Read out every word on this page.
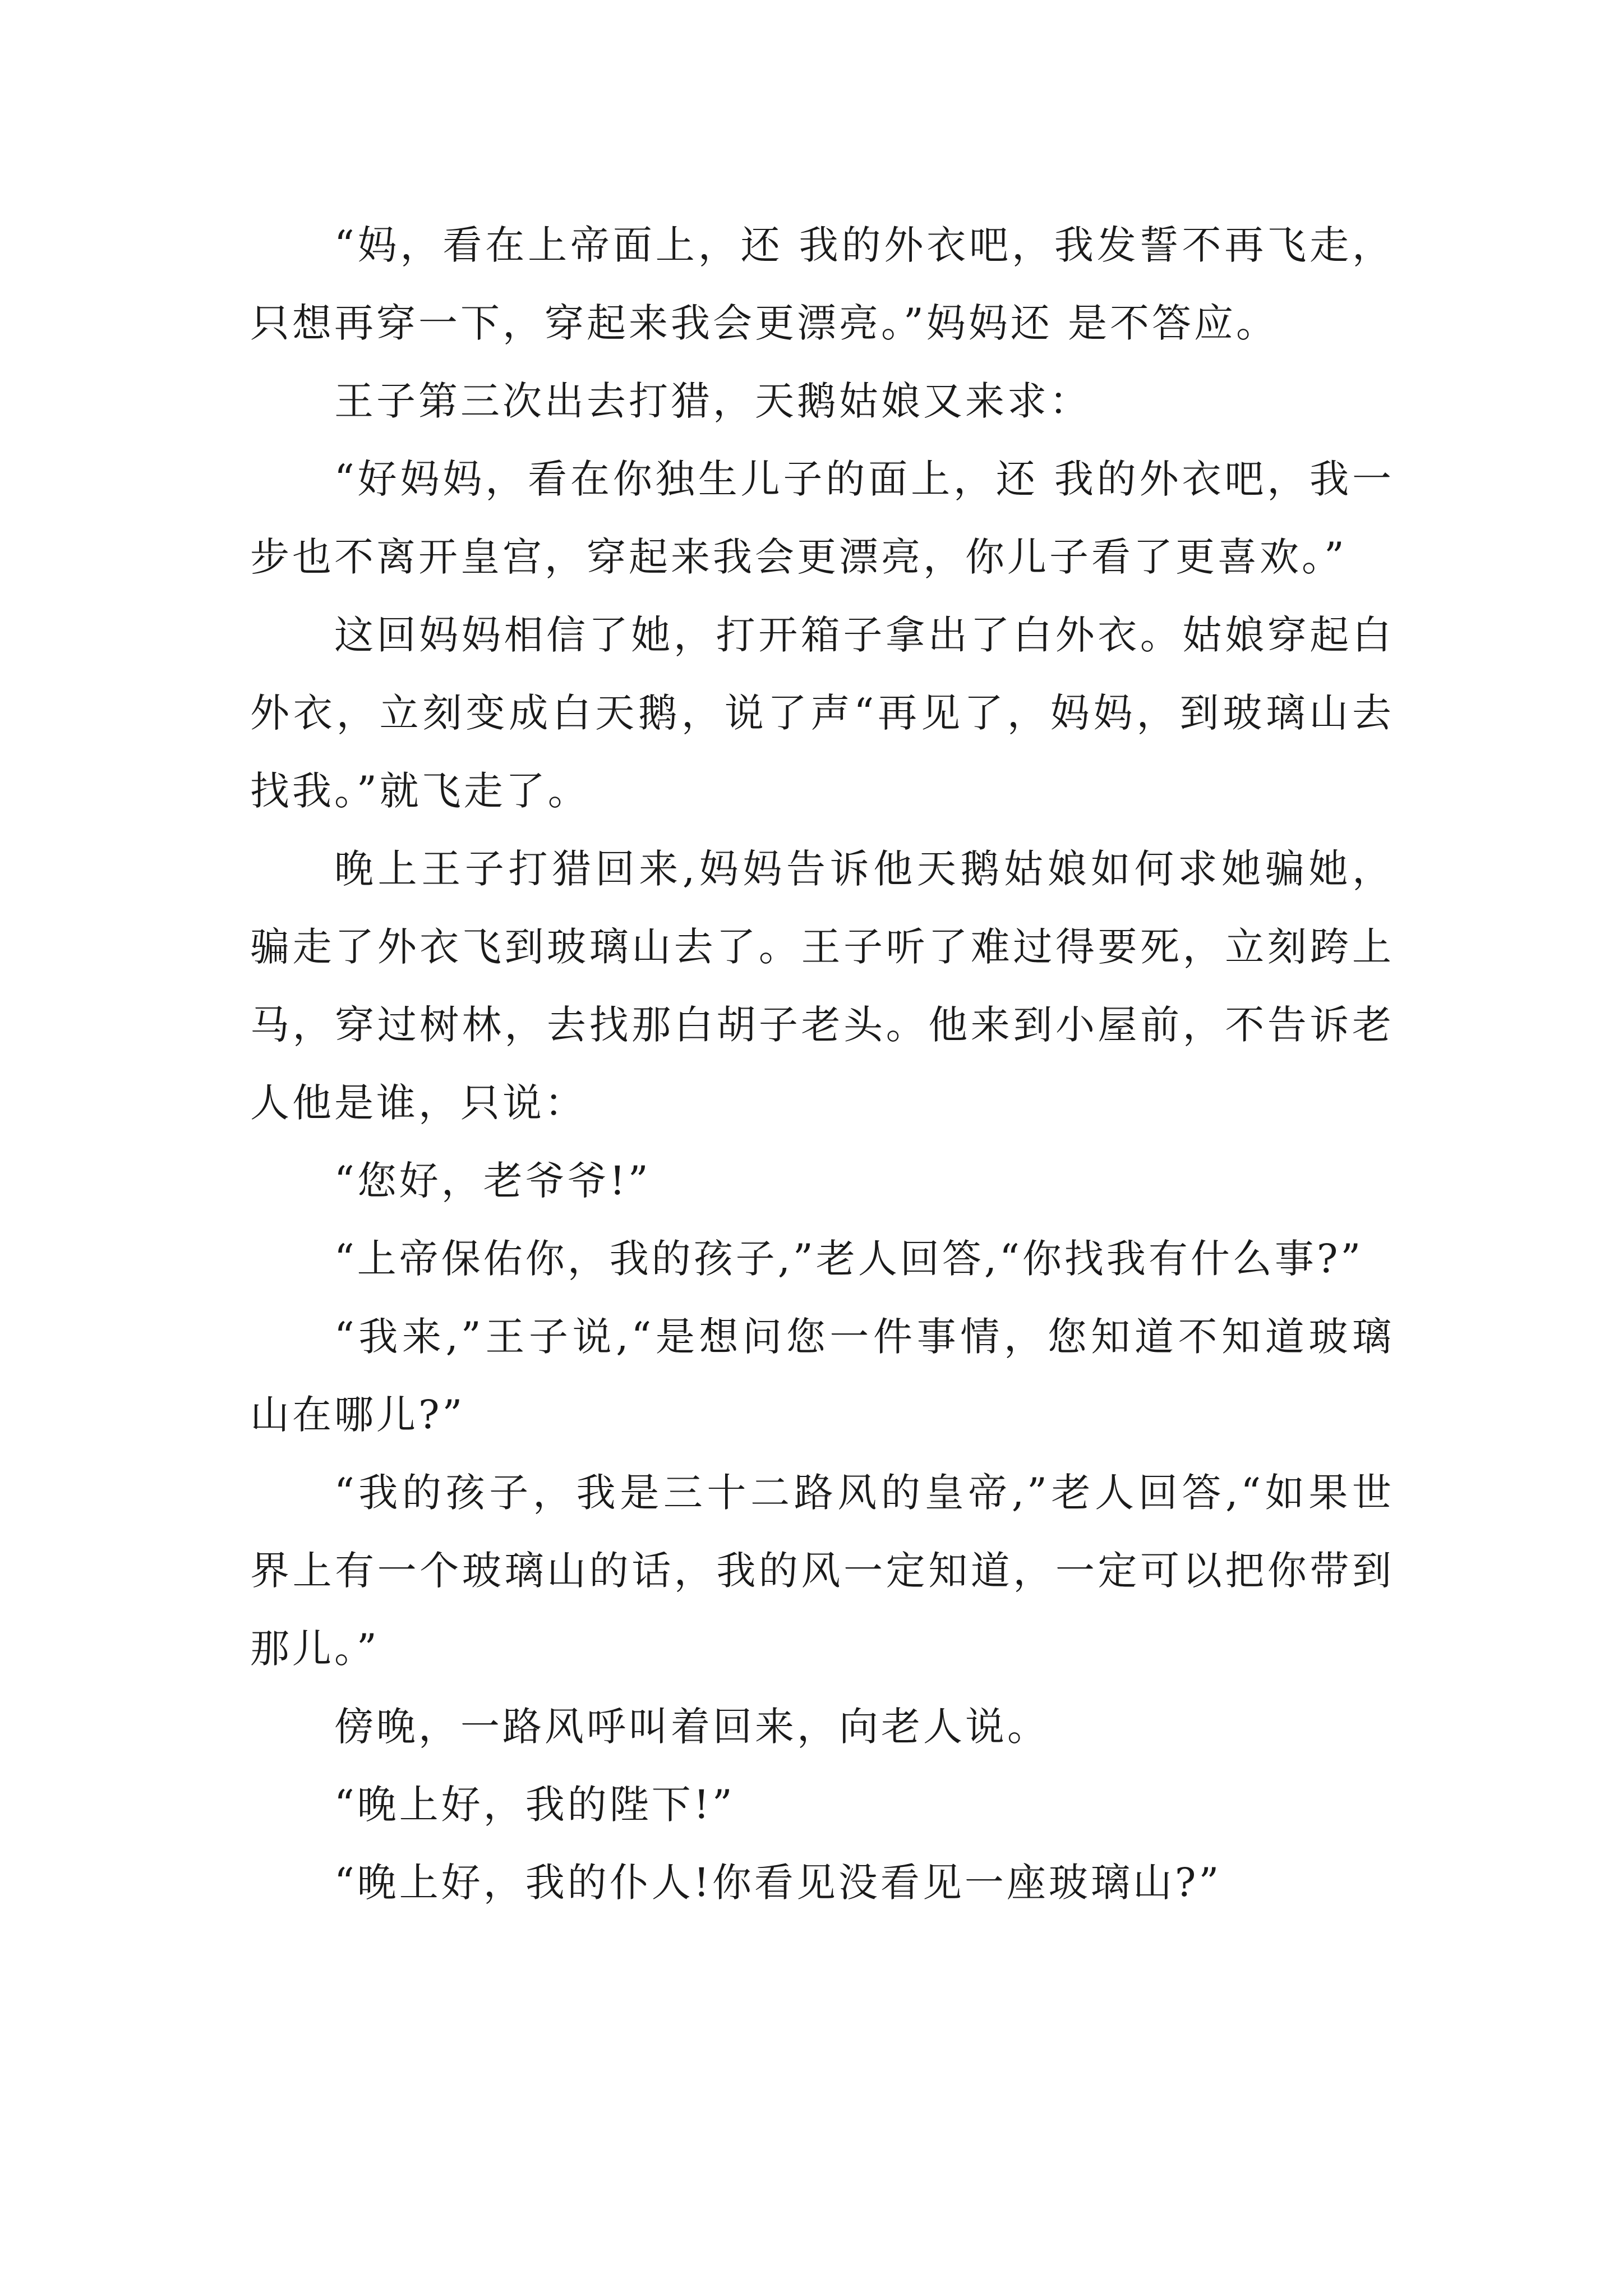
“妈，看在上帝面上，还 我的外衣吧，我发誓不再飞走，只想再穿一下，穿起来我会更漂亮。”妈妈还 是不答应。

王子第三次出去打猎，天鹅姑娘又来求：

“好妈妈，看在你独生儿子的面上，还 我的外衣吧，我一步也不离开皇宫，穿起来我会更漂亮，你儿子看了更喜欢。”

这回妈妈相信了她，打开箱子拿出了白外衣。姑娘穿起白外衣，立刻变成白天鹅，说了声“再见了，妈妈，到玻璃山去找我。”就飞走了。

晚上王子打猎回来,妈妈告诉他天鹅姑娘如何求她骗她，骗走了外衣飞到玻璃山去了。王子听了难过得要死，立刻跨上马，穿过树林，去找那白胡子老头。他来到小屋前，不告诉老人他是谁，只说：

“您好，老爷爷!”

“上帝保佑你，我的孩子,”老人回答,“你找我有什么事?”

“我来,”王子说,“是想问您一件事情，您知道不知道玻璃山在哪儿?”

“我的孩子，我是三十二路风的皇帝,”老人回答,“如果世界上有一个玻璃山的话，我的风一定知道，一定可以把你带到那儿。”

傍晚，一路风呼叫着回来，向老人说。

“晚上好，我的陛下!”

“晚上好，我的仆人!你看见没看见一座玻璃山?”
